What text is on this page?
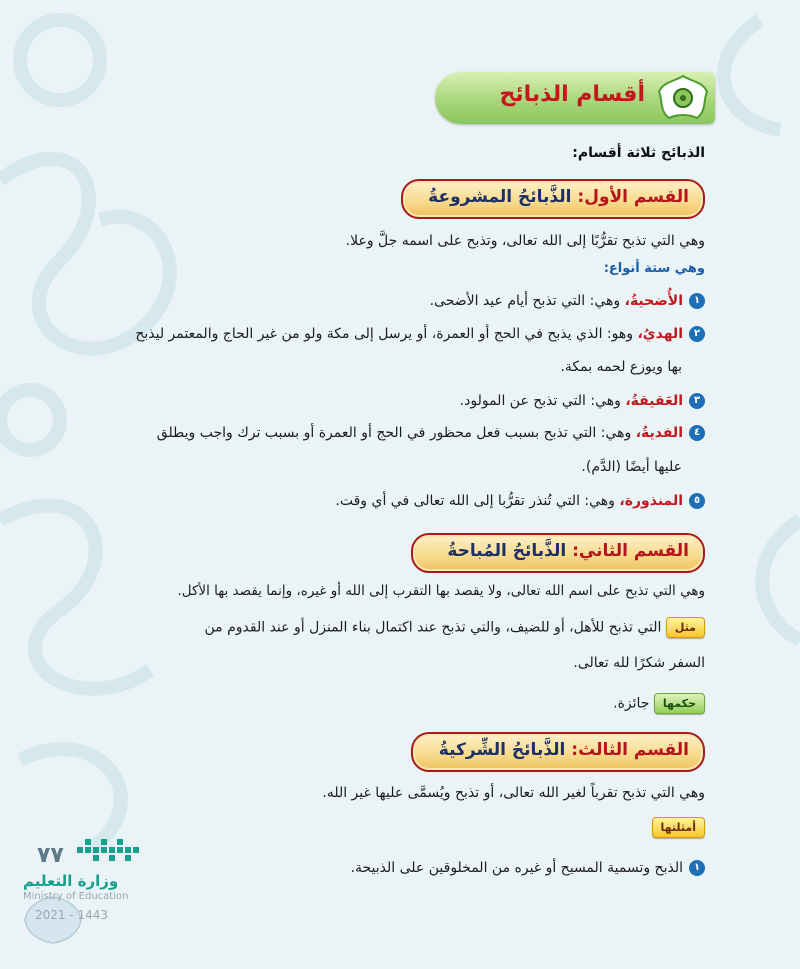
أقسام الذبائح
الذبائح ثلاثة أقسام:
القسم الأول: الذَّبائحُ المشروعةُ
وهي التي تذبح تقرُّبًا إلى الله تعالى، وتذبح على اسمه جلَّ وعلا.
وهي ستة أنواع:
١الأُضحيةُ، وهي: التي تذبح أيام عيد الأضحى.
٢الهديُ، وهو: الذي يذبح في الحج أو العمرة، أو يرسل إلى مكة ولو من غير الحاج والمعتمر ليذبح
بها ويوزع لحمه بمكة.
٣العَقيقةُ، وهي: التي تذبح عن المولود.
٤الفديةُ، وهي: التي تذبح بسبب فعل محظور في الحج أو العمرة أو بسبب ترك واجب ويطلق
عليها أيضًا (الدَّم).
٥المنذورة، وهي: التي تُنذر تقرُّبا إلى الله تعالى في أي وقت.
القسم الثاني: الذَّبائحُ المُباحةُ
وهي التي تذبح على اسم الله تعالى، ولا يقصد بها التقرب إلى الله أو غيره، وإنما يقصد بها الأكل.
مثل التي تذبح للأهل، أو للضيف، والتي تذبح عند اكتمال بناء المنزل أو عند القدوم من
السفر شكرًا لله تعالى.
حكمها جائزة.
القسم الثالث: الذَّبائحُ الشِّركيةُ
وهي التي تذبح تقرباً لغير الله تعالى، أو تذبح ويُسمَّى عليها غير الله.
أمثلتها
١الذبح وتسمية المسيح أو غيره من المخلوقين على الذبيحة.
٧٧
وزارة التعليم
Ministry of Education
2021 - 1443
